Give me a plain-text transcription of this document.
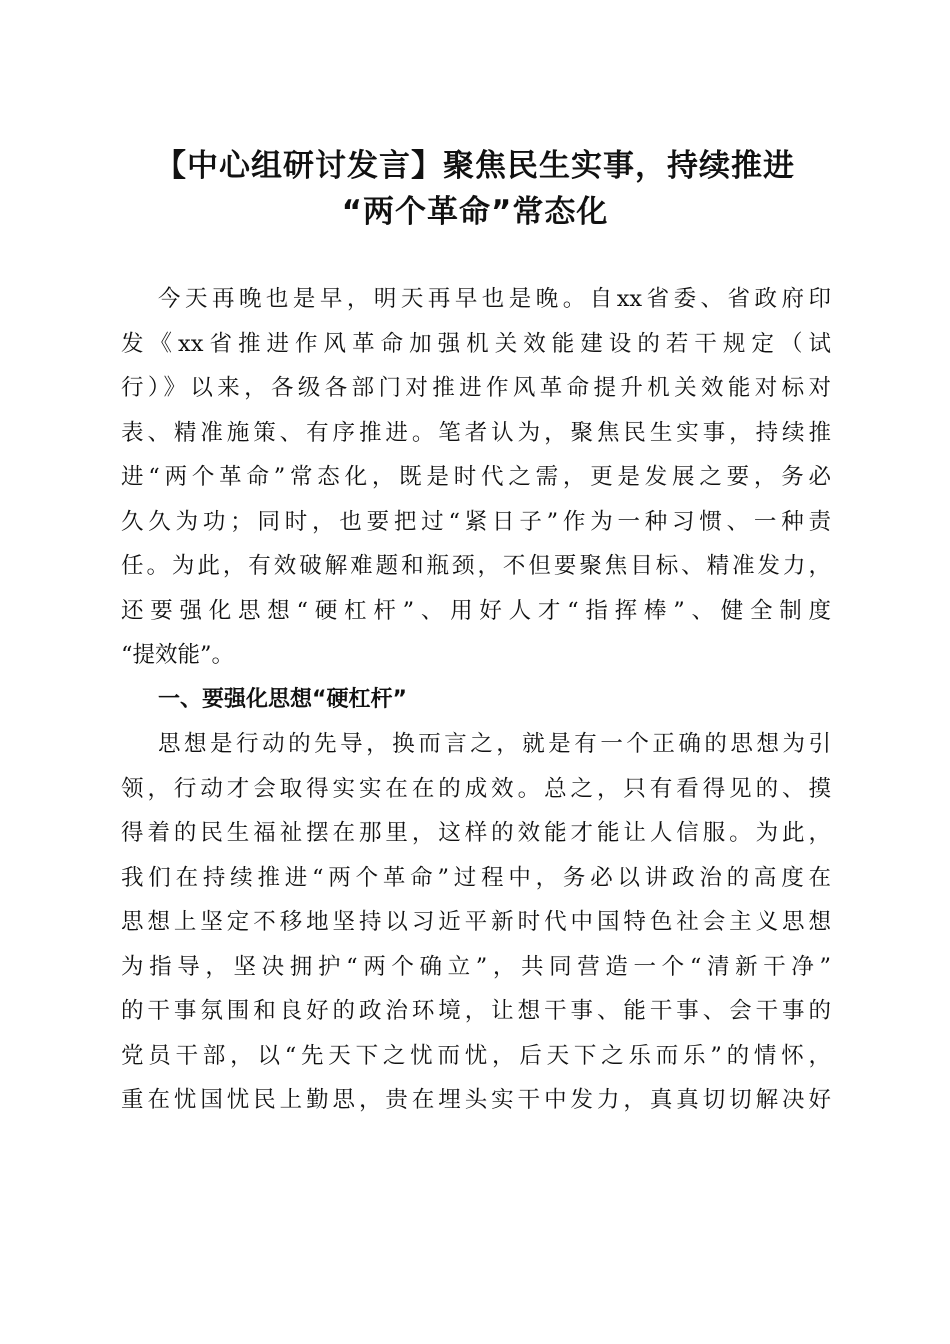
【中心组研讨发言】聚焦民生实事，持续推进
“两个革命”常态化
今天再晚也是早，明天再早也是晚。自xx省委、省政府印
发《xx省推进作风革命加强机关效能建设的若干规定（试
行）》以来，各级各部门对推进作风革命提升机关效能对标对
表、精准施策、有序推进。笔者认为，聚焦民生实事，持续推
进“两个革命”常态化，既是时代之需，更是发展之要，务必
久久为功；同时，也要把过“紧日子”作为一种习惯、一种责
任。为此，有效破解难题和瓶颈，不但要聚焦目标、精准发力，
还要强化思想“硬杠杆”、用好人才“指挥棒”、健全制度
“提效能”。
一、要强化思想“硬杠杆”
思想是行动的先导，换而言之，就是有一个正确的思想为引
领，行动才会取得实实在在的成效。总之，只有看得见的、摸
得着的民生福祉摆在那里，这样的效能才能让人信服。为此，
我们在持续推进“两个革命”过程中，务必以讲政治的高度在
思想上坚定不移地坚持以习近平新时代中国特色社会主义思想
为指导，坚决拥护“两个确立”，共同营造一个“清新干净”
的干事氛围和良好的政治环境，让想干事、能干事、会干事的
党员干部，以“先天下之忧而忧，后天下之乐而乐”的情怀，
重在忧国忧民上勤思，贵在埋头实干中发力，真真切切解决好
